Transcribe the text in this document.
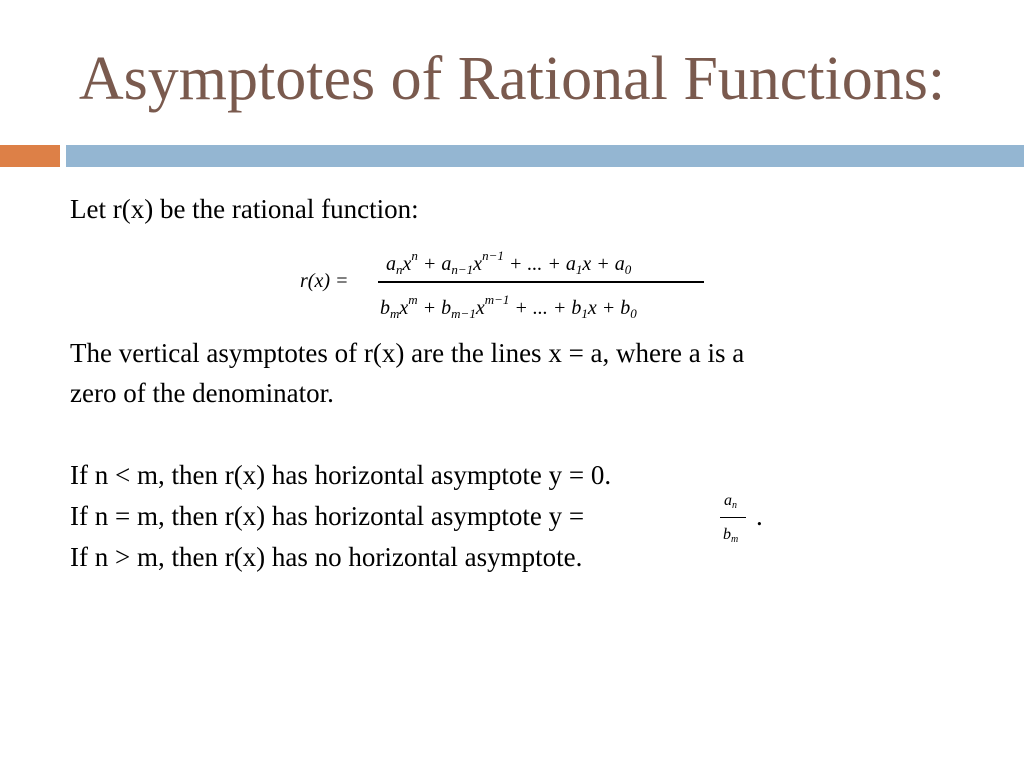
Asymptotes of Rational Functions:
Let r(x) be the rational function:
r(x) =
$a_nx^n + a_{n-1}x^{n-1}$ + ... + $a_1x + a_0$
$b_mx^m + b_{m-1}x^{m-1}$ + ... + $b_1x + b_0$
The vertical asymptotes of r(x) are the lines x = a, where a is a
zero of the denominator.
If n < m, then r(x) has horizontal asymptote y = 0.
If n = m, then r(x) has horizontal asymptote y =
$a_n$
$b_m$
.
If n > m, then r(x) has no horizontal asymptote.
